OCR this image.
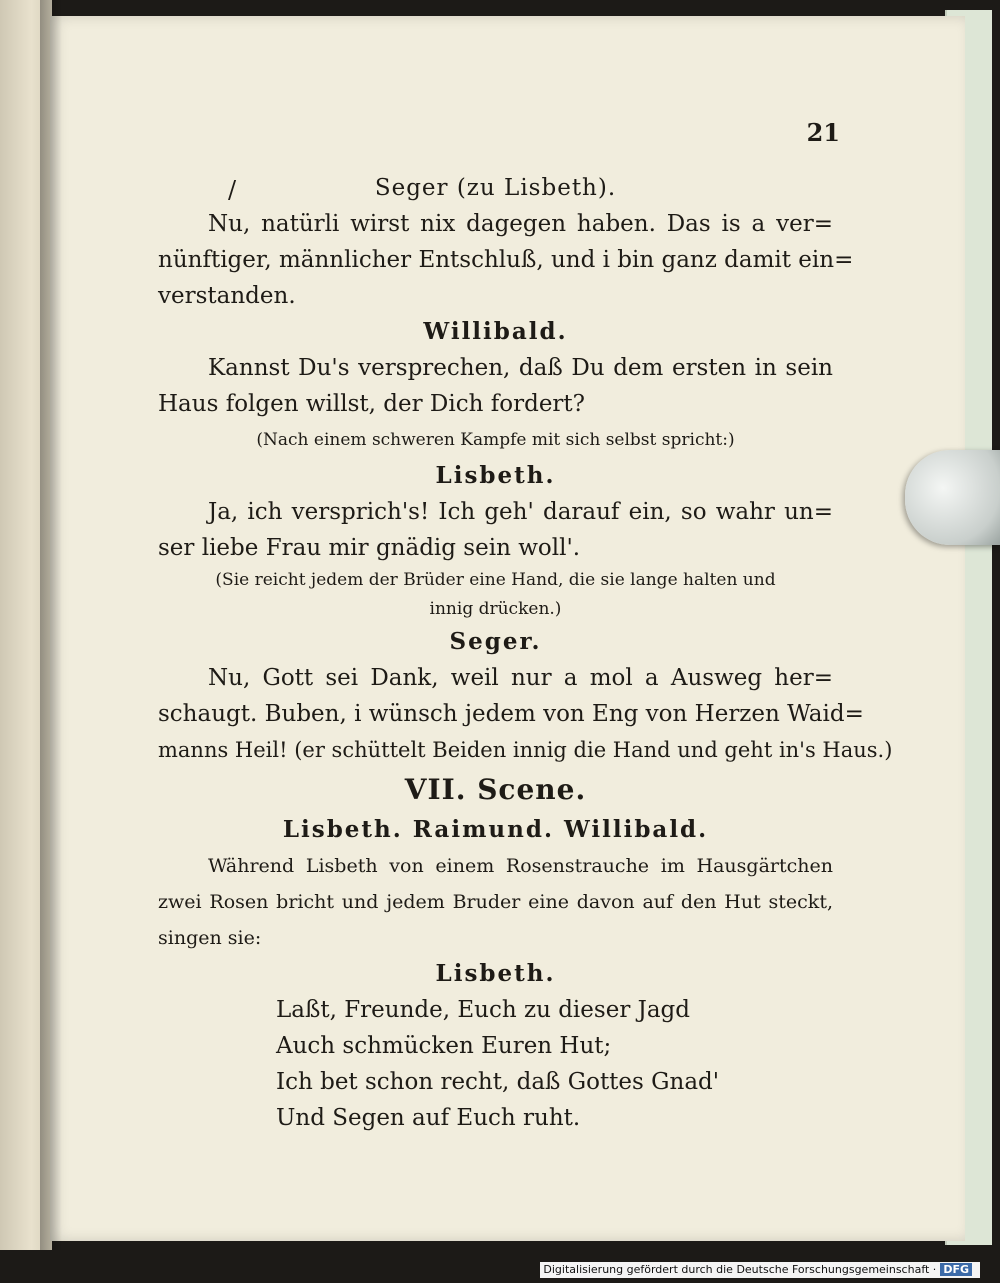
21
/	Seger (zu Lisbeth).
Nu, natürli wirst nix dagegen haben. Das is a ver=
nünftiger, männlicher Entschluß, und i bin ganz damit ein=
verstanden.
Willibald.
Kannst Du's versprechen, daß Du dem ersten in sein
Haus folgen willst, der Dich fordert?
(Nach einem schweren Kampfe mit sich selbst spricht:)
Lisbeth.
Ja, ich versprich's! Ich geh' darauf ein, so wahr un=
ser liebe Frau mir gnädig sein woll'.
(Sie reicht jedem der Brüder eine Hand, die sie lange halten und
innig drücken.)
Seger.
Nu, Gott sei Dank, weil nur a mol a Ausweg her=
schaugt. Buben, i wünsch jedem von Eng von Herzen Waid=
manns Heil! (er schüttelt Beiden innig die Hand und geht in's Haus.)
VII. Scene.
Lisbeth. Raimund. Willibald.
Während Lisbeth von einem Rosenstrauche im Hausgärtchen
zwei Rosen bricht und jedem Bruder eine davon auf den Hut steckt,
singen sie:
Lisbeth.
Laßt, Freunde, Euch zu dieser Jagd
Auch schmücken Euren Hut;
Ich bet schon recht, daß Gottes Gnad'
Und Segen auf Euch ruht.
Digitalisierung gefördert durch die Deutsche Forschungsgemeinschaft · DFG
